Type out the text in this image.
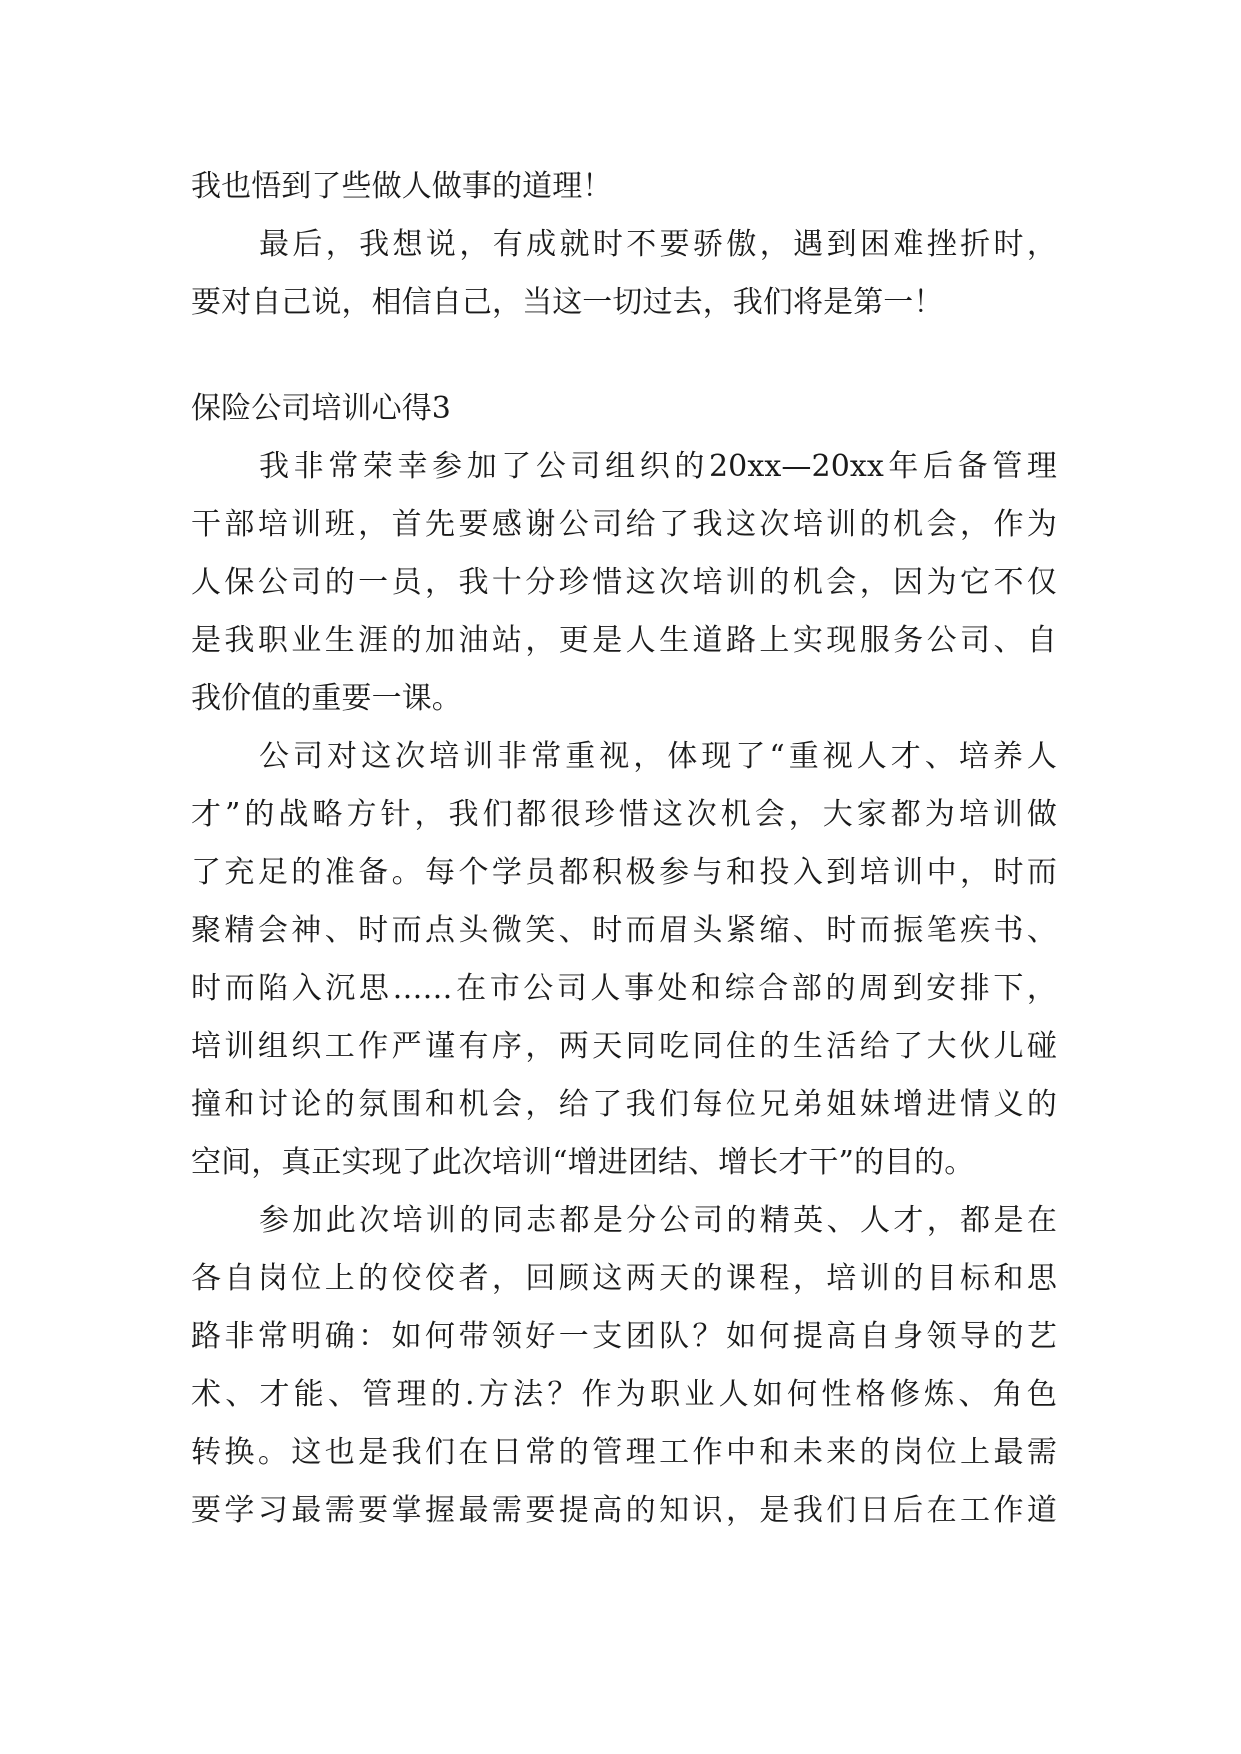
我也悟到了些做人做事的道理！
最后，我想说，有成就时不要骄傲，遇到困难挫折时，
要对自己说，相信自己，当这一切过去，我们将是第一！
保险公司培训心得3
我非常荣幸参加了公司组织的20xx—20xx年后备管理
干部培训班，首先要感谢公司给了我这次培训的机会，作为
人保公司的一员，我十分珍惜这次培训的机会，因为它不仅
是我职业生涯的加油站，更是人生道路上实现服务公司、自
我价值的重要一课。
公司对这次培训非常重视，体现了“重视人才、培养人
才”的战略方针，我们都很珍惜这次机会，大家都为培训做
了充足的准备。每个学员都积极参与和投入到培训中，时而
聚精会神、时而点头微笑、时而眉头紧缩、时而振笔疾书、
时而陷入沉思……在市公司人事处和综合部的周到安排下，
培训组织工作严谨有序，两天同吃同住的生活给了大伙儿碰
撞和讨论的氛围和机会，给了我们每位兄弟姐妹增进情义的
空间，真正实现了此次培训“增进团结、增长才干”的目的。
参加此次培训的同志都是分公司的精英、人才，都是在
各自岗位上的佼佼者，回顾这两天的课程，培训的目标和思
路非常明确：如何带领好一支团队？如何提高自身领导的艺
术、才能、管理的.方法？作为职业人如何性格修炼、角色
转换。这也是我们在日常的管理工作中和未来的岗位上最需
要学习最需要掌握最需要提高的知识，是我们日后在工作道
